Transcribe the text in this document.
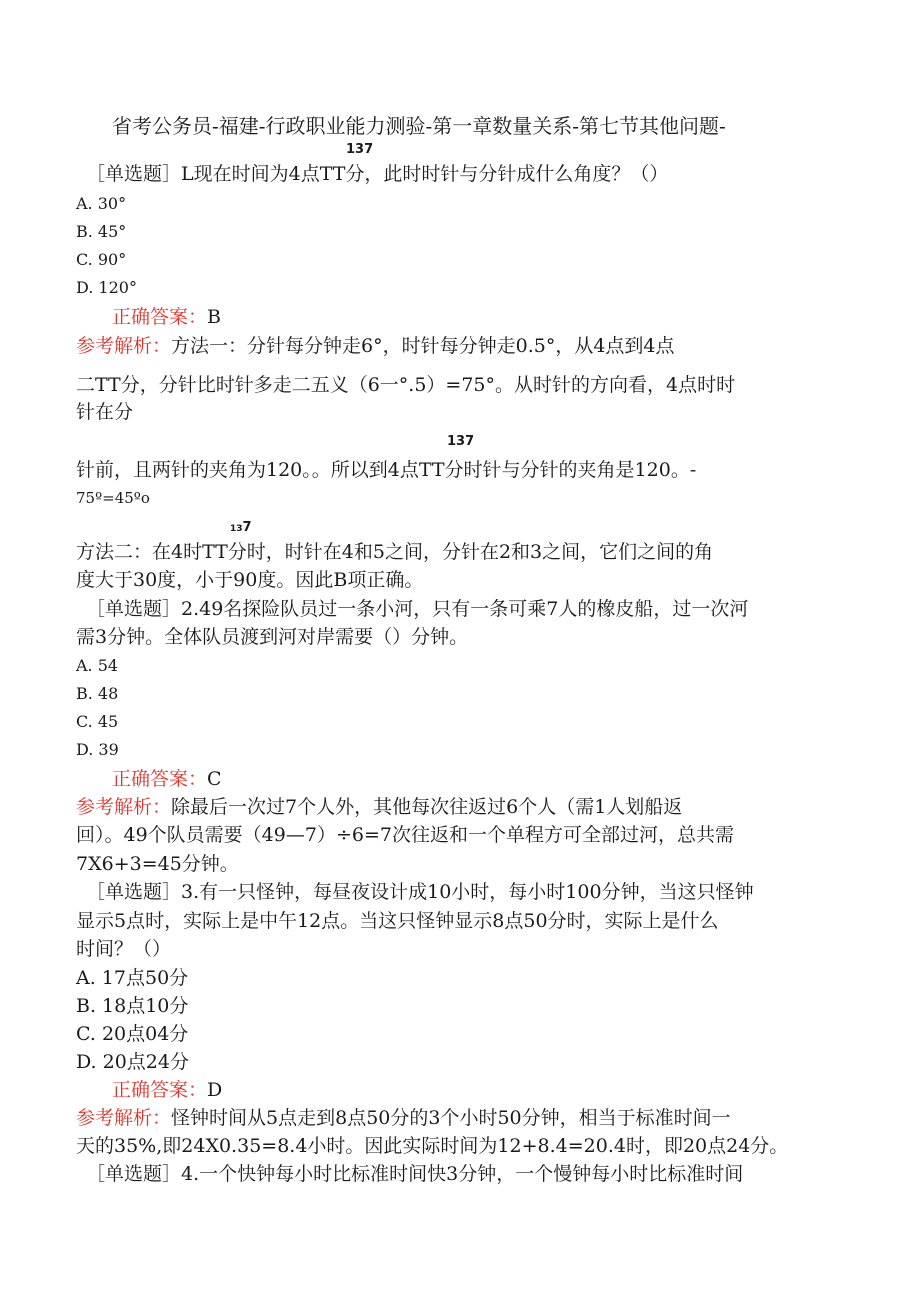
省考公务员-福建-行政职业能力测验-第一章数量关系-第七节其他问题-
137
［单选题］L现在时间为4点TT分，此时时针与分针成什么角度？（）
A. 30°
B. 45°
C. 90°
D. 120°
正确答案：B
参考解析：方法一：分针每分钟走6°，时针每分钟走0.5°，从4点到4点
二TT分，分针比时针多走二五义（6一°.5）=75°。从时针的方向看，4点时时
针在分
137
针前，且两针的夹角为120。。所以到4点TT分时针与分针的夹角是120。-
75º=45ºo
137
方法二：在4时TT分时，时针在4和5之间，分针在2和3之间，它们之间的角
度大于30度，小于90度。因此B项正确。
［单选题］2.49名探险队员过一条小河，只有一条可乘7人的橡皮船，过一次河
需3分钟。全体队员渡到河对岸需要（）分钟。
A. 54
B. 48
C. 45
D. 39
正确答案：C
参考解析：除最后一次过7个人外，其他每次往返过6个人（需1人划船返
回）。49个队员需要（49—7）÷6=7次往返和一个单程方可全部过河，总共需
7X6+3=45分钟。
［单选题］3.有一只怪钟，每昼夜设计成10小时，每小时100分钟，当这只怪钟
显示5点时，实际上是中午12点。当这只怪钟显示8点50分时，实际上是什么
时间？（）
A. 17点50分
B. 18点10分
C. 20点04分
D. 20点24分
正确答案：D
参考解析：怪钟时间从5点走到8点50分的3个小时50分钟，相当于标准时间一
天的35%,即24X0.35=8.4小时。因此实际时间为12+8.4=20.4时，即20点24分。
［单选题］4.一个快钟每小时比标准时间快3分钟，一个慢钟每小时比标准时间
